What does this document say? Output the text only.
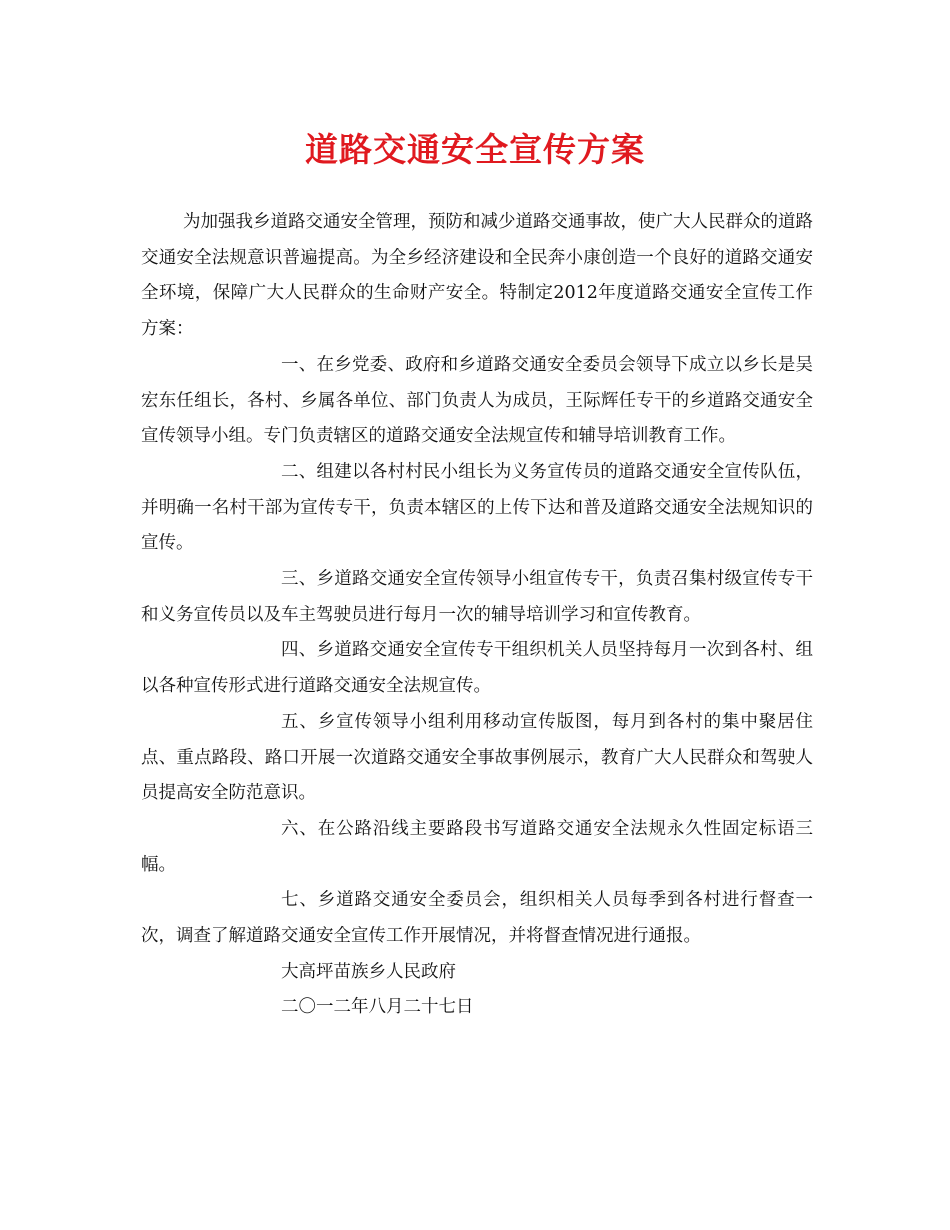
道路交通安全宣传方案

为加强我乡道路交通安全管理，预防和减少道路交通事故，使广大人民群众的道路交通安全法规意识普遍提高。为全乡经济建设和全民奔小康创造一个良好的道路交通安全环境，保障广大人民群众的生命财产安全。特制定2012年度道路交通安全宣传工作方案：

一、在乡党委、政府和乡道路交通安全委员会领导下成立以乡长是吴宏东任组长，各村、乡属各单位、部门负责人为成员，王际辉任专干的乡道路交通安全宣传领导小组。专门负责辖区的道路交通安全法规宣传和辅导培训教育工作。

二、组建以各村村民小组长为义务宣传员的道路交通安全宣传队伍，并明确一名村干部为宣传专干，负责本辖区的上传下达和普及道路交通安全法规知识的宣传。

三、乡道路交通安全宣传领导小组宣传专干，负责召集村级宣传专干和义务宣传员以及车主驾驶员进行每月一次的辅导培训学习和宣传教育。

四、乡道路交通安全宣传专干组织机关人员坚持每月一次到各村、组以各种宣传形式进行道路交通安全法规宣传。

五、乡宣传领导小组利用移动宣传版图，每月到各村的集中聚居住点、重点路段、路口开展一次道路交通安全事故事例展示，教育广大人民群众和驾驶人员提高安全防范意识。

六、在公路沿线主要路段书写道路交通安全法规永久性固定标语三幅。

七、乡道路交通安全委员会，组织相关人员每季到各村进行督查一次，调查了解道路交通安全宣传工作开展情况，并将督查情况进行通报。

大高坪苗族乡人民政府

二〇一二年八月二十七日
